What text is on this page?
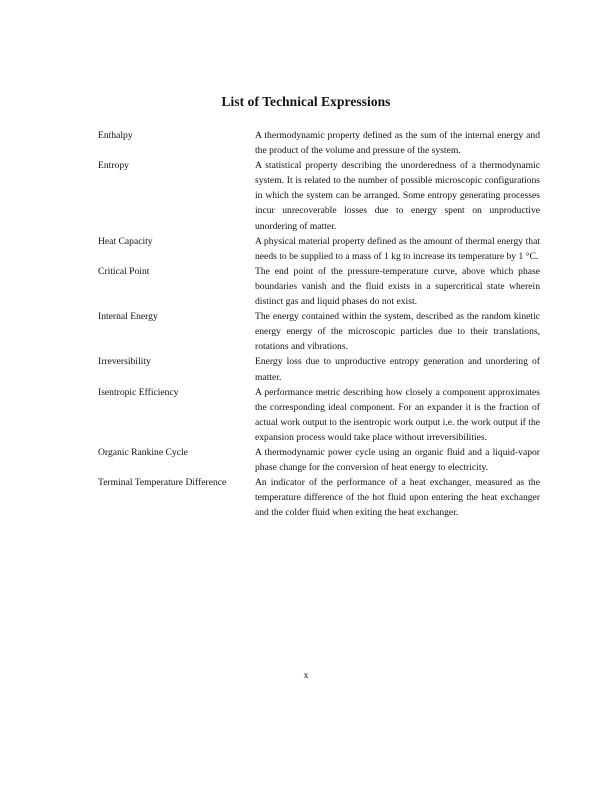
List of Technical Expressions
Enthalpy	A thermodynamic property defined as the sum of the internal energy and the product of the volume and pressure of the system.
Entropy	A statistical property describing the unorderedness of a thermodynamic system. It is related to the number of possible microscopic configurations in which the system can be arranged. Some entropy generating processes incur unrecoverable losses due to energy spent on unproductive unordering of matter.
Heat Capacity	A physical material property defined as the amount of thermal energy that needs to be supplied to a mass of 1 kg to increase its temperature by 1 °C.
Critical Point	The end point of the pressure-temperature curve, above which phase boundaries vanish and the fluid exists in a supercritical state wherein distinct gas and liquid phases do not exist.
Internal Energy	The energy contained within the system, described as the random kinetic energy energy of the microscopic particles due to their translations, rotations and vibrations.
Irreversibility	Energy loss due to unproductive entropy generation and unordering of matter.
Isentropic Efficiency	A performance metric describing how closely a component approximates the corresponding ideal component. For an expander it is the fraction of actual work output to the isentropic work output i.e. the work output if the expansion process would take place without irreversibilities.
Organic Rankine Cycle	A thermodynamic power cycle using an organic fluid and a liquid-vapor phase change for the conversion of heat energy to electricity.
Terminal Temperature Difference	An indicator of the performance of a heat exchanger, measured as the temperature difference of the hot fluid upon entering the heat exchanger and the colder fluid when exiting the heat exchanger.
x
